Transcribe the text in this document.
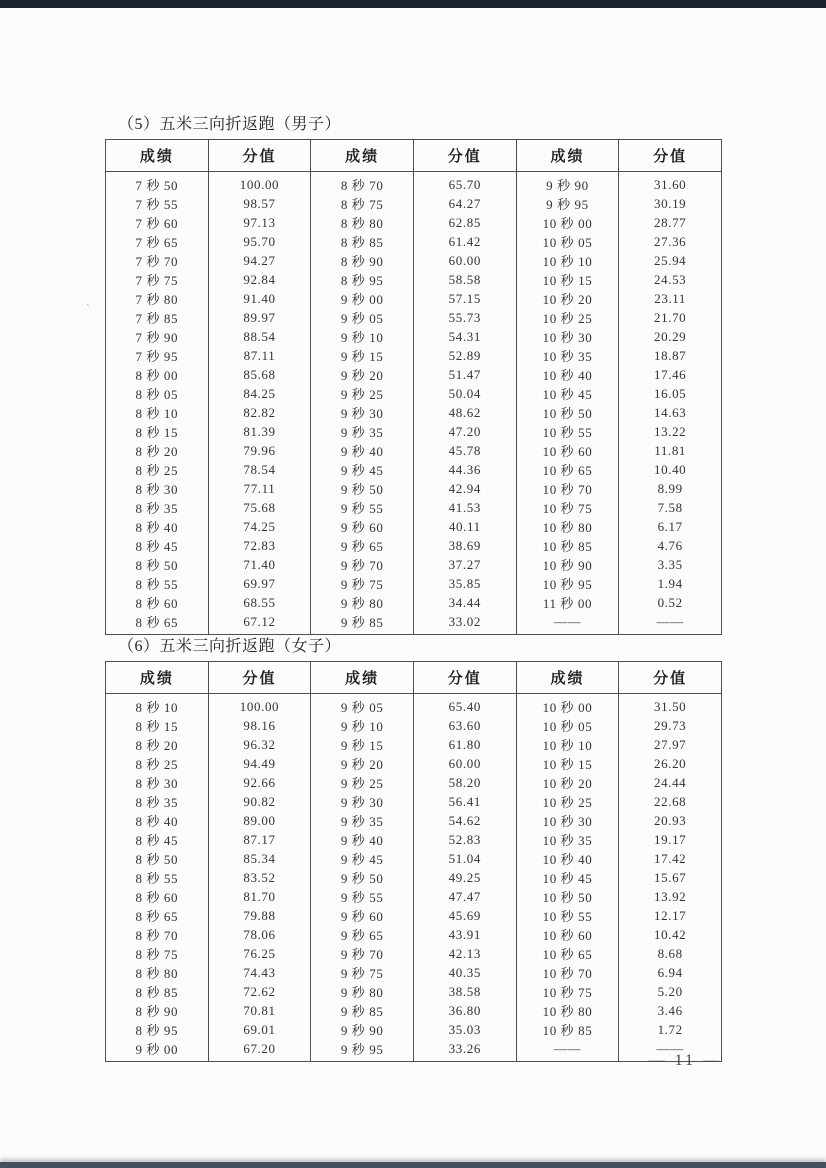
`
（5）五米三向折返跑（男子）
成绩	分值	成绩	分值	成绩	分值
7 秒 50	100.00	8 秒 70	65.70	9 秒 90	31.60
7 秒 55	98.57	8 秒 75	64.27	9 秒 95	30.19
7 秒 60	97.13	8 秒 80	62.85	10 秒 00	28.77
7 秒 65	95.70	8 秒 85	61.42	10 秒 05	27.36
7 秒 70	94.27	8 秒 90	60.00	10 秒 10	25.94
7 秒 75	92.84	8 秒 95	58.58	10 秒 15	24.53
7 秒 80	91.40	9 秒 00	57.15	10 秒 20	23.11
7 秒 85	89.97	9 秒 05	55.73	10 秒 25	21.70
7 秒 90	88.54	9 秒 10	54.31	10 秒 30	20.29
7 秒 95	87.11	9 秒 15	52.89	10 秒 35	18.87
8 秒 00	85.68	9 秒 20	51.47	10 秒 40	17.46
8 秒 05	84.25	9 秒 25	50.04	10 秒 45	16.05
8 秒 10	82.82	9 秒 30	48.62	10 秒 50	14.63
8 秒 15	81.39	9 秒 35	47.20	10 秒 55	13.22
8 秒 20	79.96	9 秒 40	45.78	10 秒 60	11.81
8 秒 25	78.54	9 秒 45	44.36	10 秒 65	10.40
8 秒 30	77.11	9 秒 50	42.94	10 秒 70	8.99
8 秒 35	75.68	9 秒 55	41.53	10 秒 75	7.58
8 秒 40	74.25	9 秒 60	40.11	10 秒 80	6.17
8 秒 45	72.83	9 秒 65	38.69	10 秒 85	4.76
8 秒 50	71.40	9 秒 70	37.27	10 秒 90	3.35
8 秒 55	69.97	9 秒 75	35.85	10 秒 95	1.94
8 秒 60	68.55	9 秒 80	34.44	11 秒 00	0.52
8 秒 65	67.12	9 秒 85	33.02	——	——
（6）五米三向折返跑（女子）
成绩	分值	成绩	分值	成绩	分值
8 秒 10	100.00	9 秒 05	65.40	10 秒 00	31.50
8 秒 15	98.16	9 秒 10	63.60	10 秒 05	29.73
8 秒 20	96.32	9 秒 15	61.80	10 秒 10	27.97
8 秒 25	94.49	9 秒 20	60.00	10 秒 15	26.20
8 秒 30	92.66	9 秒 25	58.20	10 秒 20	24.44
8 秒 35	90.82	9 秒 30	56.41	10 秒 25	22.68
8 秒 40	89.00	9 秒 35	54.62	10 秒 30	20.93
8 秒 45	87.17	9 秒 40	52.83	10 秒 35	19.17
8 秒 50	85.34	9 秒 45	51.04	10 秒 40	17.42
8 秒 55	83.52	9 秒 50	49.25	10 秒 45	15.67
8 秒 60	81.70	9 秒 55	47.47	10 秒 50	13.92
8 秒 65	79.88	9 秒 60	45.69	10 秒 55	12.17
8 秒 70	78.06	9 秒 65	43.91	10 秒 60	10.42
8 秒 75	76.25	9 秒 70	42.13	10 秒 65	8.68
8 秒 80	74.43	9 秒 75	40.35	10 秒 70	6.94
8 秒 85	72.62	9 秒 80	38.58	10 秒 75	5.20
8 秒 90	70.81	9 秒 85	36.80	10 秒 80	3.46
8 秒 95	69.01	9 秒 90	35.03	10 秒 85	1.72
9 秒 00	67.20	9 秒 95	33.26	——	——
— 11 —
